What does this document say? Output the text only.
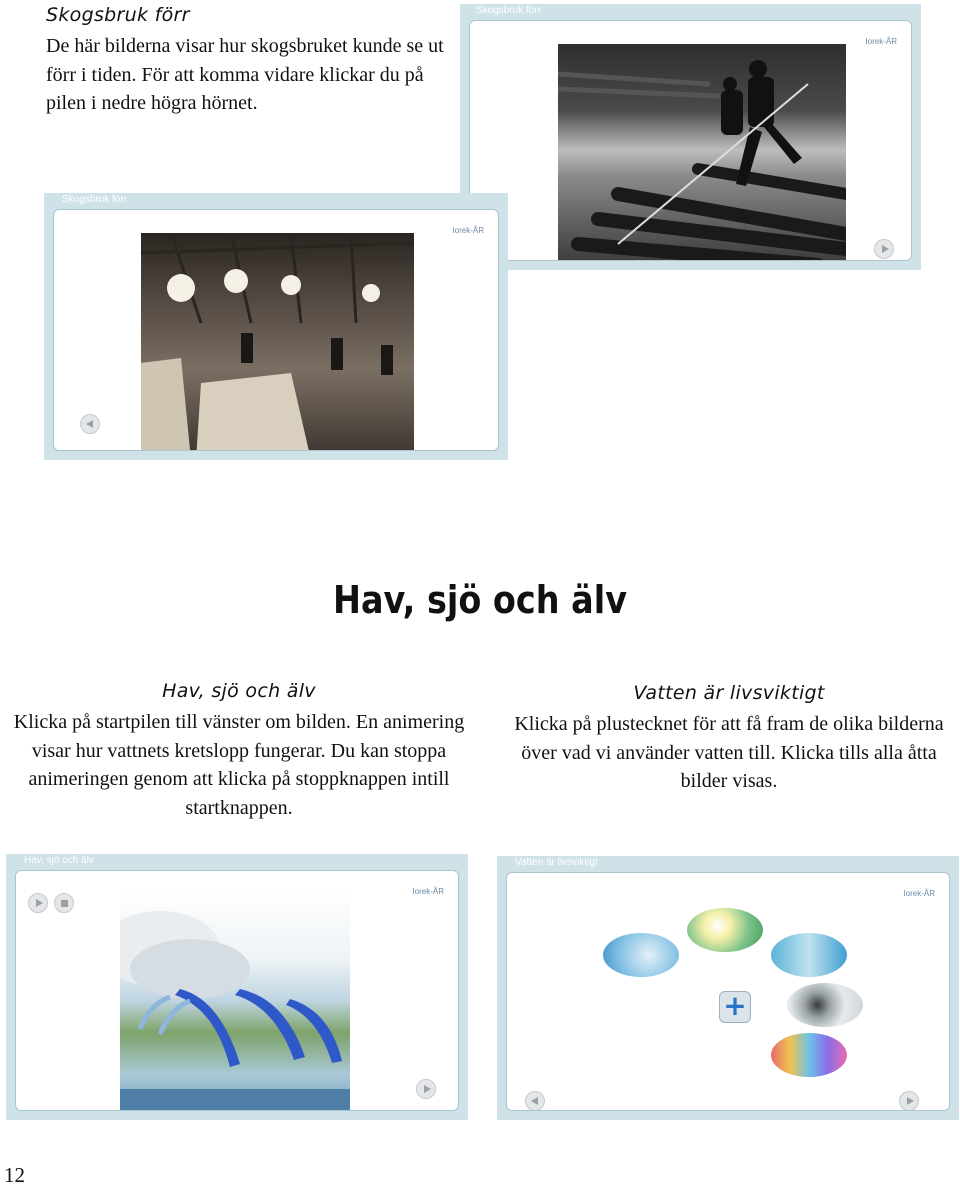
Skogsbruk förr
De här bilderna visar hur skogsbruket kunde se ut förr i tiden. För att komma vidare klickar du på pilen i nedre högra hörnet.
Skogsbruk förr
Iorek-ÅR
Skogsbruk förr
Iorek-ÅR
Hav, sjö och älv
Hav, sjö och älv
Klicka på startpilen till vänster om bilden. En animering visar hur vattnets kretslopp fungerar. Du kan stoppa animeringen genom att klicka på stoppknappen intill startknappen.
Vatten är livsviktigt
Klicka på plustecknet för att få fram de olika bilderna över vad vi använder vatten till. Klicka tills alla åtta bilder visas.
Hav, sjö och älv
Iorek-ÅR
Vatten är livsviktigt
Iorek-ÅR
+
12
